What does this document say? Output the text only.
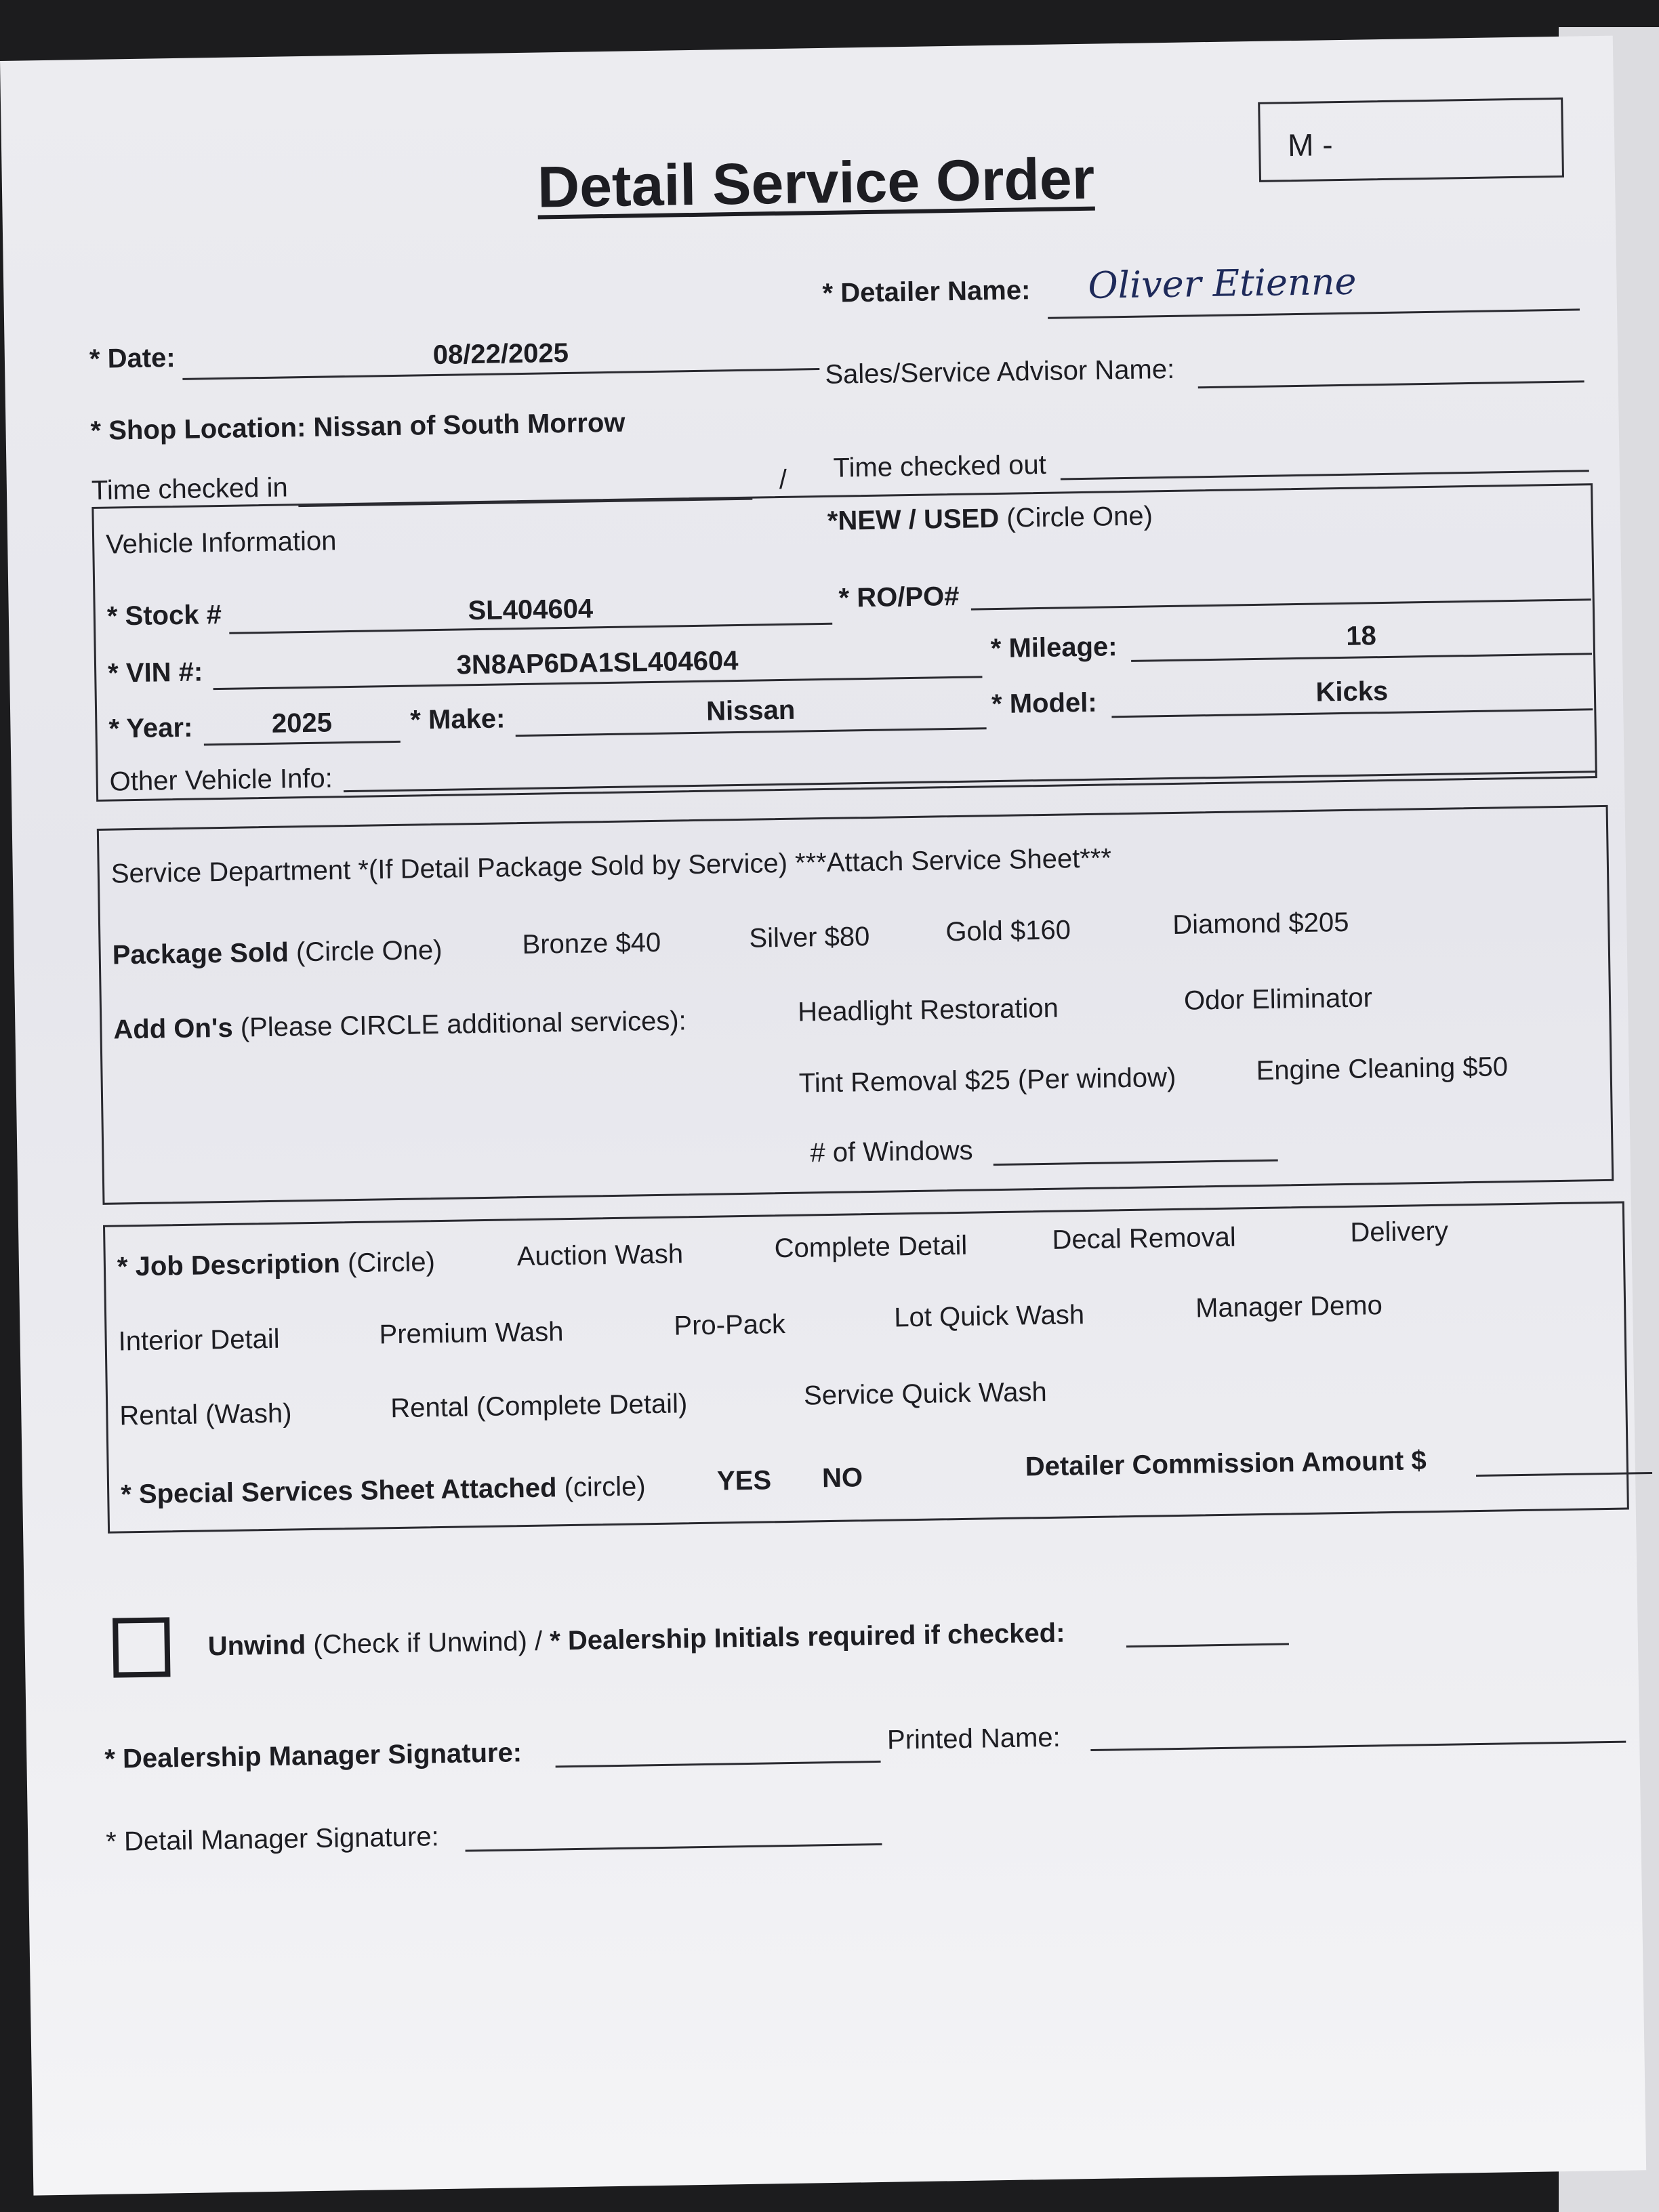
Detail Service Order
M -
* Detailer Name: Oliver Etienne
* Date:	08/22/2025
Sales/Service Advisor Name:
* Shop Location: Nissan of South Morrow
Time checked in	/ Time checked out
Vehicle Information
*NEW / USED (Circle One)
* Stock #	SL404604	* RO/PO#
* VIN #:	3N8AP6DA1SL404604	* Mileage:	18
* Year:	2025	* Make:	Nissan	* Model:	Kicks
Other Vehicle Info:
Service Department *(If Detail Package Sold by Service) ***Attach Service Sheet***
Package Sold (Circle One)	Bronze $40	Silver $80	Gold $160	Diamond $205
Add On's (Please CIRCLE additional services):	Headlight Restoration	Odor Eliminator
Tint Removal $25 (Per window)	Engine Cleaning $50
# of Windows
* Job Description (Circle)	Auction Wash	Complete Detail	Decal Removal	Delivery
Interior Detail	Premium Wash	Pro-Pack	Lot Quick Wash	Manager Demo
Rental (Wash)	Rental (Complete Detail)	Service Quick Wash
* Special Services Sheet Attached (circle)	YES NO	Detailer Commission Amount $
Unwind (Check if Unwind) / * Dealership Initials required if checked:
* Dealership Manager Signature:	Printed Name:
* Detail Manager Signature:
